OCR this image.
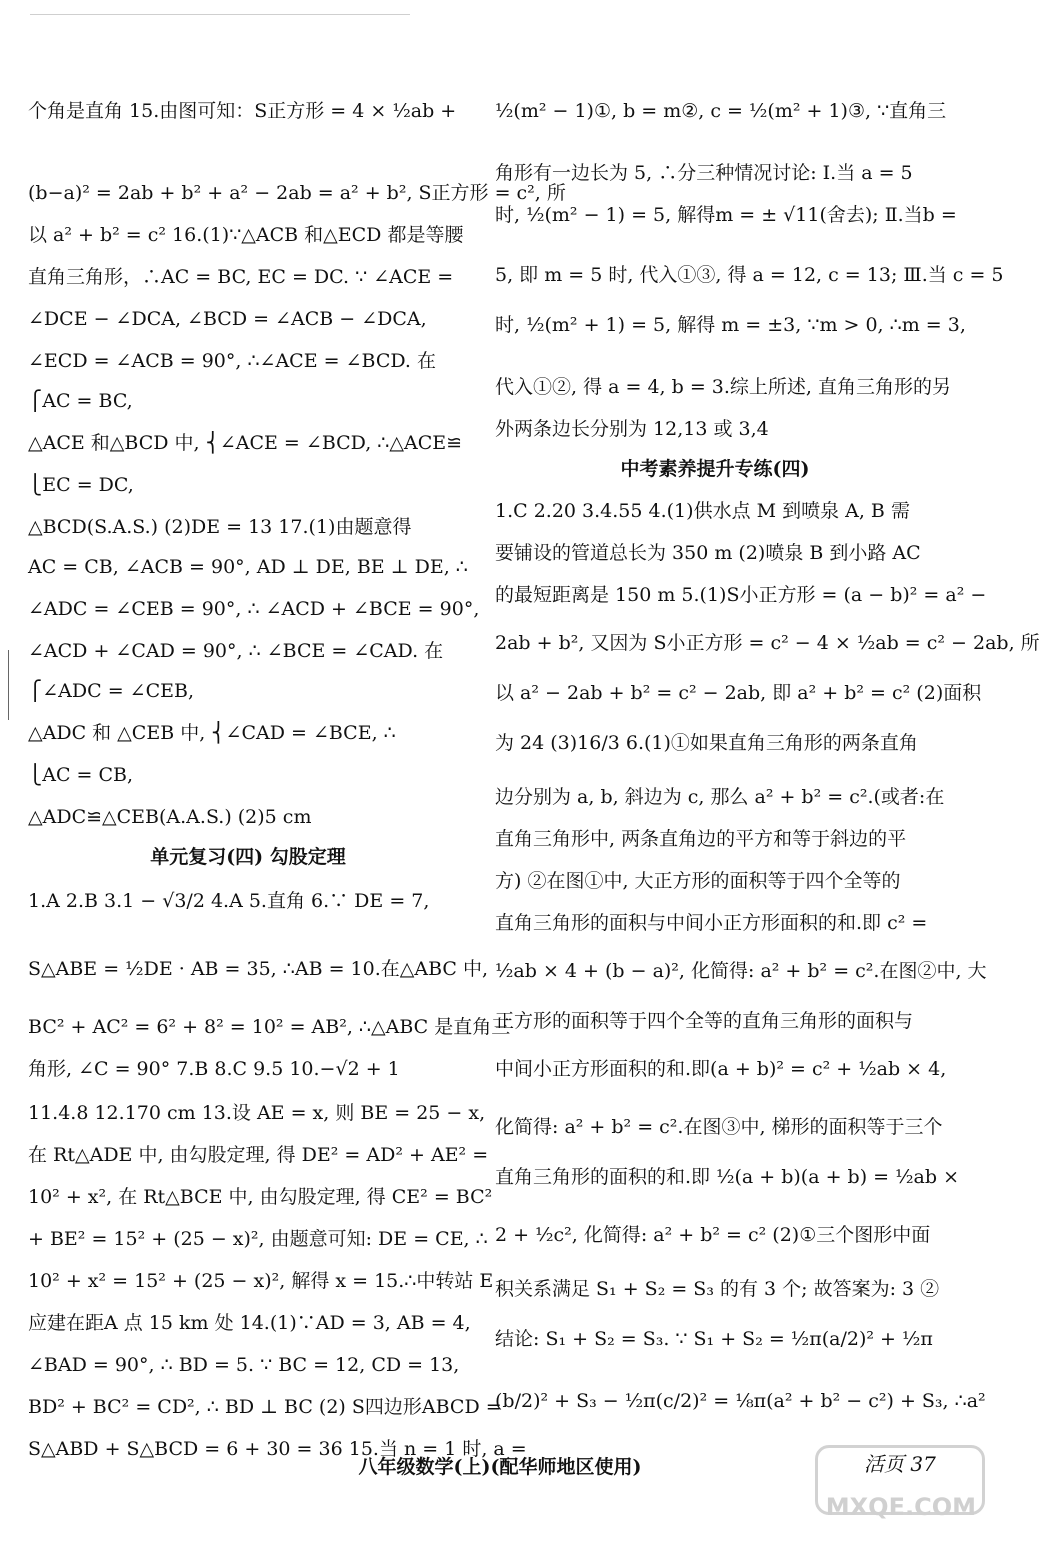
个角是直角 15.由图可知：S正方形 = 4 × ½ab +
(b−a)² = 2ab + b² + a² − 2ab = a² + b², S正方形 = c², 所
以 a² + b² = c² 16.(1)∵△ACB 和△ECD 都是等腰
直角三角形，∴AC = BC, EC = DC. ∵ ∠ACE =
∠DCE − ∠DCA, ∠BCD = ∠ACB − ∠DCA,
∠ECD = ∠ACB = 90°, ∴∠ACE = ∠BCD. 在
⎧AC = BC,
△ACE 和△BCD 中, ⎨∠ACE = ∠BCD, ∴△ACE≌
⎩EC = DC,
△BCD(S.A.S.) (2)DE = 13 17.(1)由题意得
AC = CB, ∠ACB = 90°, AD ⊥ DE, BE ⊥ DE, ∴
∠ADC = ∠CEB = 90°, ∴ ∠ACD + ∠BCE = 90°,
∠ACD + ∠CAD = 90°, ∴ ∠BCE = ∠CAD. 在
⎧∠ADC = ∠CEB,
△ADC 和 △CEB 中, ⎨∠CAD = ∠BCE, ∴
⎩AC = CB,
△ADC≌△CEB(A.A.S.) (2)5 cm
单元复习(四) 勾股定理
1.A 2.B 3.1 − √3/2 4.A 5.直角 6.∵ DE = 7,
S△ABE = ½DE · AB = 35, ∴AB = 10.在△ABC 中,
BC² + AC² = 6² + 8² = 10² = AB², ∴△ABC 是直角三
角形, ∠C = 90° 7.B 8.C 9.5 10.−√2 + 1
11.4.8 12.170 cm 13.设 AE = x, 则 BE = 25 − x,
在 Rt△ADE 中, 由勾股定理, 得 DE² = AD² + AE² =
10² + x², 在 Rt△BCE 中, 由勾股定理, 得 CE² = BC²
+ BE² = 15² + (25 − x)², 由题意可知: DE = CE, ∴
10² + x² = 15² + (25 − x)², 解得 x = 15.∴中转站 E
应建在距A 点 15 km 处 14.(1)∵AD = 3, AB = 4,
∠BAD = 90°, ∴ BD = 5. ∵ BC = 12, CD = 13,
BD² + BC² = CD², ∴ BD ⊥ BC (2) S四边形ABCD =
S△ABD + S△BCD = 6 + 30 = 36 15.当 n = 1 时, a =
½(m² − 1)①, b = m②, c = ½(m² + 1)③, ∵直角三
角形有一边长为 5, ∴分三种情况讨论: Ⅰ.当 a = 5
时, ½(m² − 1) = 5, 解得m = ± √11(舍去); Ⅱ.当b =
5, 即 m = 5 时, 代入①③, 得 a = 12, c = 13; Ⅲ.当 c = 5
时, ½(m² + 1) = 5, 解得 m = ±3, ∵m > 0, ∴m = 3,
代入①②, 得 a = 4, b = 3.综上所述, 直角三角形的另
外两条边长分别为 12,13 或 3,4
中考素养提升专练(四)
1.C 2.20 3.4.55 4.(1)供水点 M 到喷泉 A, B 需
要铺设的管道总长为 350 m (2)喷泉 B 到小路 AC
的最短距离是 150 m 5.(1)S小正方形 = (a − b)² = a² −
2ab + b², 又因为 S小正方形 = c² − 4 × ½ab = c² − 2ab, 所
以 a² − 2ab + b² = c² − 2ab, 即 a² + b² = c² (2)面积
为 24 (3)16/3 6.(1)①如果直角三角形的两条直角
边分别为 a, b, 斜边为 c, 那么 a² + b² = c².(或者:在
直角三角形中, 两条直角边的平方和等于斜边的平
方) ②在图①中, 大正方形的面积等于四个全等的
直角三角形的面积与中间小正方形面积的和.即 c² =
½ab × 4 + (b − a)², 化简得: a² + b² = c².在图②中, 大
正方形的面积等于四个全等的直角三角形的面积与
中间小正方形面积的和.即(a + b)² = c² + ½ab × 4,
化简得: a² + b² = c².在图③中, 梯形的面积等于三个
直角三角形的面积的和.即 ½(a + b)(a + b) = ½ab ×
2 + ½c², 化简得: a² + b² = c² (2)①三个图形中面
积关系满足 S₁ + S₂ = S₃ 的有 3 个; 故答案为: 3 ②
结论: S₁ + S₂ = S₃. ∵ S₁ + S₂ = ½π(a/2)² + ½π
(b/2)² + S₃ − ½π(c/2)² = ⅛π(a² + b² − c²) + S₃, ∴a²
八年级数学(上)(配华师地区使用)
MXQE.COM
活页 37
